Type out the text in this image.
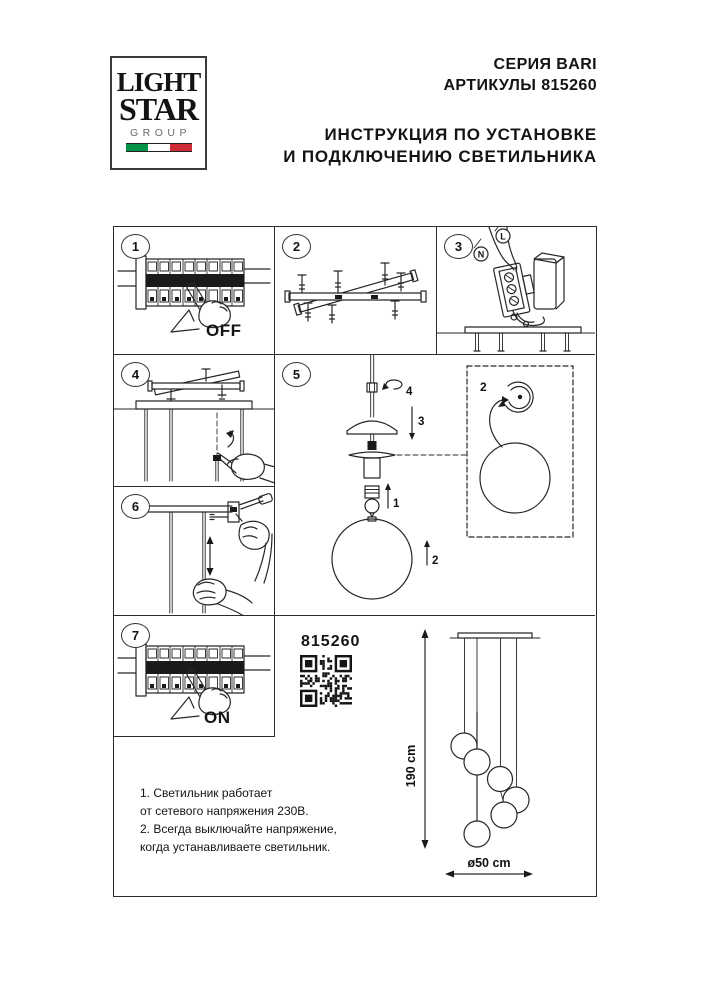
LIGHT
STAR
GROUP
СЕРИЯ BARI
АРТИКУЛЫ 815260
ИНСТРУКЦИЯ ПО УСТАНОВКЕ
И ПОДКЛЮЧЕНИЮ СВЕТИЛЬНИКА
1
OFF
2	3
N
L
4	5
4
3
1
2
2
6
7
ON
815260
190 cm
ø50 cm
1. Светильник работает
от сетевого напряжения 230В.
2. Всегда выключайте напряжение,
когда устанавливаете светильник.
